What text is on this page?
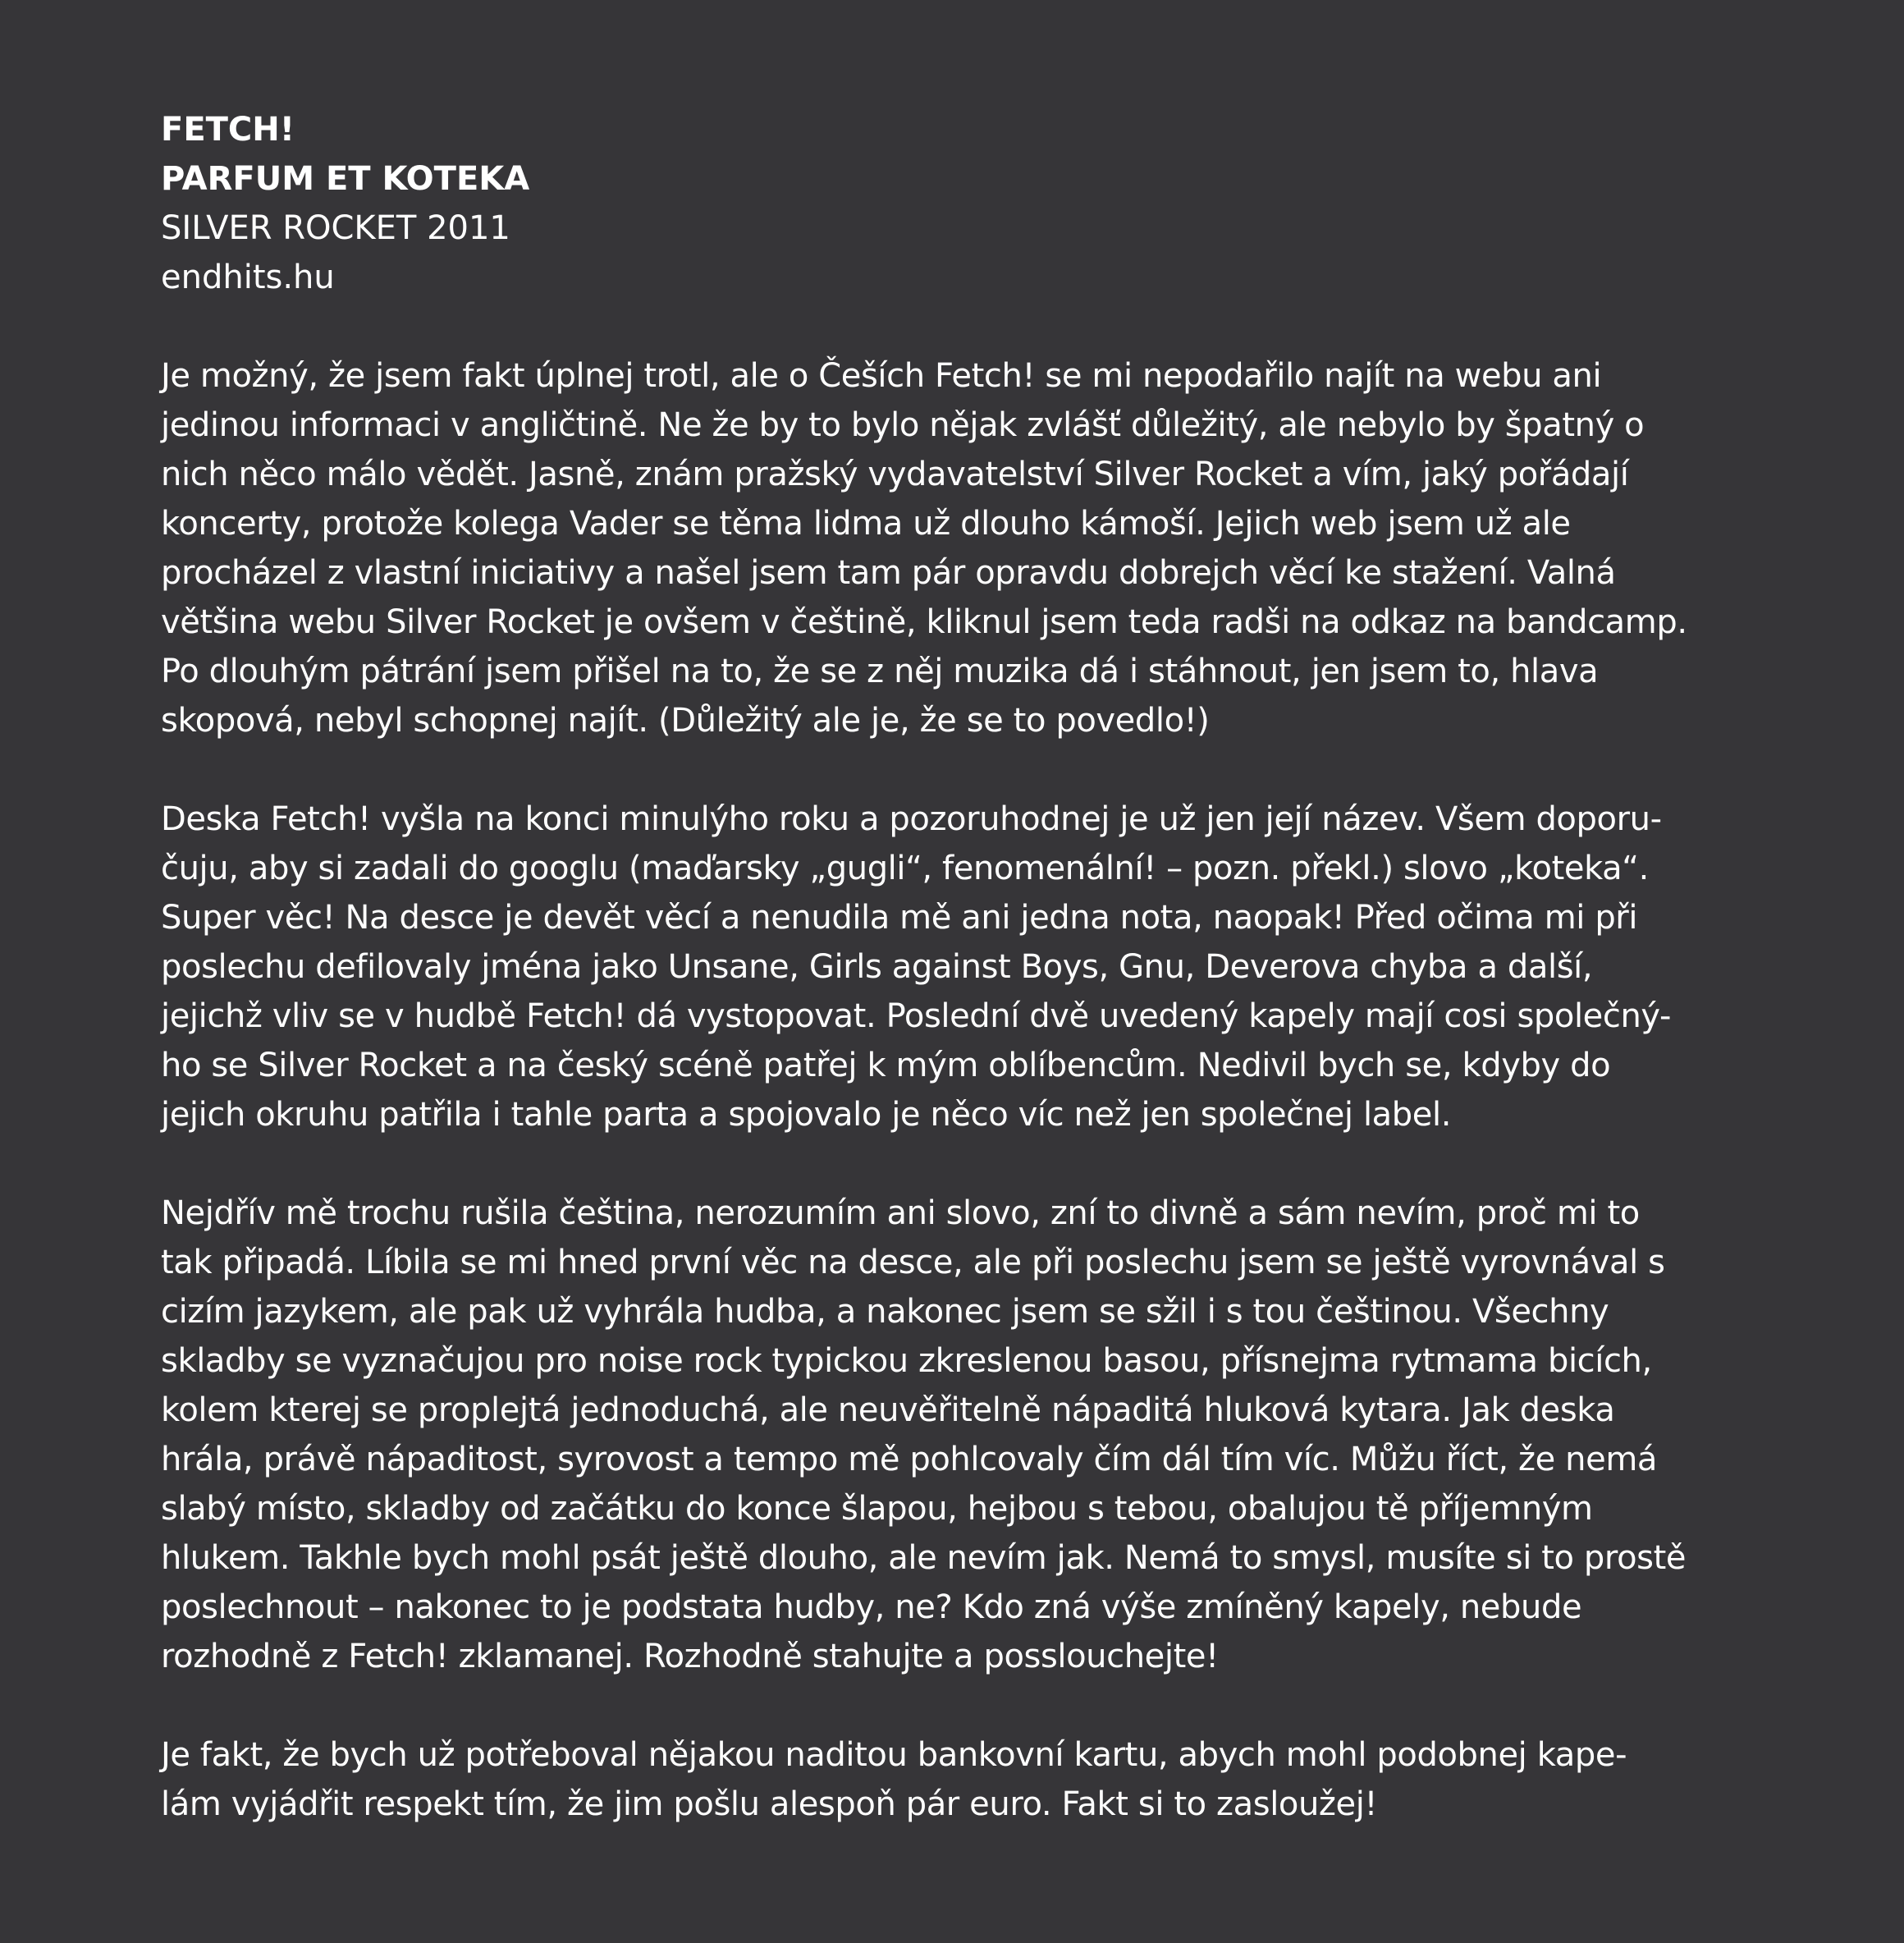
FETCH!
PARFUM ET KOTEKA
SILVER ROCKET 2011
endhits.hu

Je možný, že jsem fakt úplnej trotl, ale o Češích Fetch! se mi nepodařilo najít na webu ani
jedinou informaci v angličtině. Ne že by to bylo nějak zvlášť důležitý, ale nebylo by špatný o
nich něco málo vědět. Jasně, znám pražský vydavatelství Silver Rocket a vím, jaký pořádají
koncerty, protože kolega Vader se těma lidma už dlouho kámoší. Jejich web jsem už ale
procházel z vlastní iniciativy a našel jsem tam pár opravdu dobrejch věcí ke stažení. Valná
většina webu Silver Rocket je ovšem v češtině, kliknul jsem teda radši na odkaz na bandcamp.
Po dlouhým pátrání jsem přišel na to, že se z něj muzika dá i stáhnout, jen jsem to, hlava
skopová, nebyl schopnej najít. (Důležitý ale je, že se to povedlo!)

Deska Fetch! vyšla na konci minulýho roku a pozoruhodnej je už jen její název. Všem doporu-
čuju, aby si zadali do googlu (maďarsky „gugli“, fenomenální! – pozn. překl.) slovo „koteka“.
Super věc! Na desce je devět věcí a nenudila mě ani jedna nota, naopak! Před očima mi při
poslechu defilovaly jména jako Unsane, Girls against Boys, Gnu, Deverova chyba a další,
jejichž vliv se v hudbě Fetch! dá vystopovat. Poslední dvě uvedený kapely mají cosi společný-
ho se Silver Rocket a na český scéně patřej k mým oblíbencům. Nedivil bych se, kdyby do
jejich okruhu patřila i tahle parta a spojovalo je něco víc než jen společnej label.

Nejdřív mě trochu rušila čeština, nerozumím ani slovo, zní to divně a sám nevím, proč mi to
tak připadá. Líbila se mi hned první věc na desce, ale při poslechu jsem se ještě vyrovnával s
cizím jazykem, ale pak už vyhrála hudba, a nakonec jsem se sžil i s tou češtinou. Všechny
skladby se vyznačujou pro noise rock typickou zkreslenou basou, přísnejma rytmama bicích,
kolem kterej se proplejtá jednoduchá, ale neuvěřitelně nápaditá hluková kytara. Jak deska
hrála, právě nápaditost, syrovost a tempo mě pohlcovaly čím dál tím víc. Můžu říct, že nemá
slabý místo, skladby od začátku do konce šlapou, hejbou s tebou, obalujou tě příjemným
hlukem. Takhle bych mohl psát ještě dlouho, ale nevím jak. Nemá to smysl, musíte si to prostě
poslechnout – nakonec to je podstata hudby, ne? Kdo zná výše zmíněný kapely, nebude
rozhodně z Fetch! zklamanej. Rozhodně stahujte a posslouchejte!

Je fakt, že bych už potřeboval nějakou naditou bankovní kartu, abych mohl podobnej kape-
lám vyjádřit respekt tím, že jim pošlu alespoň pár euro. Fakt si to zasloužej!
